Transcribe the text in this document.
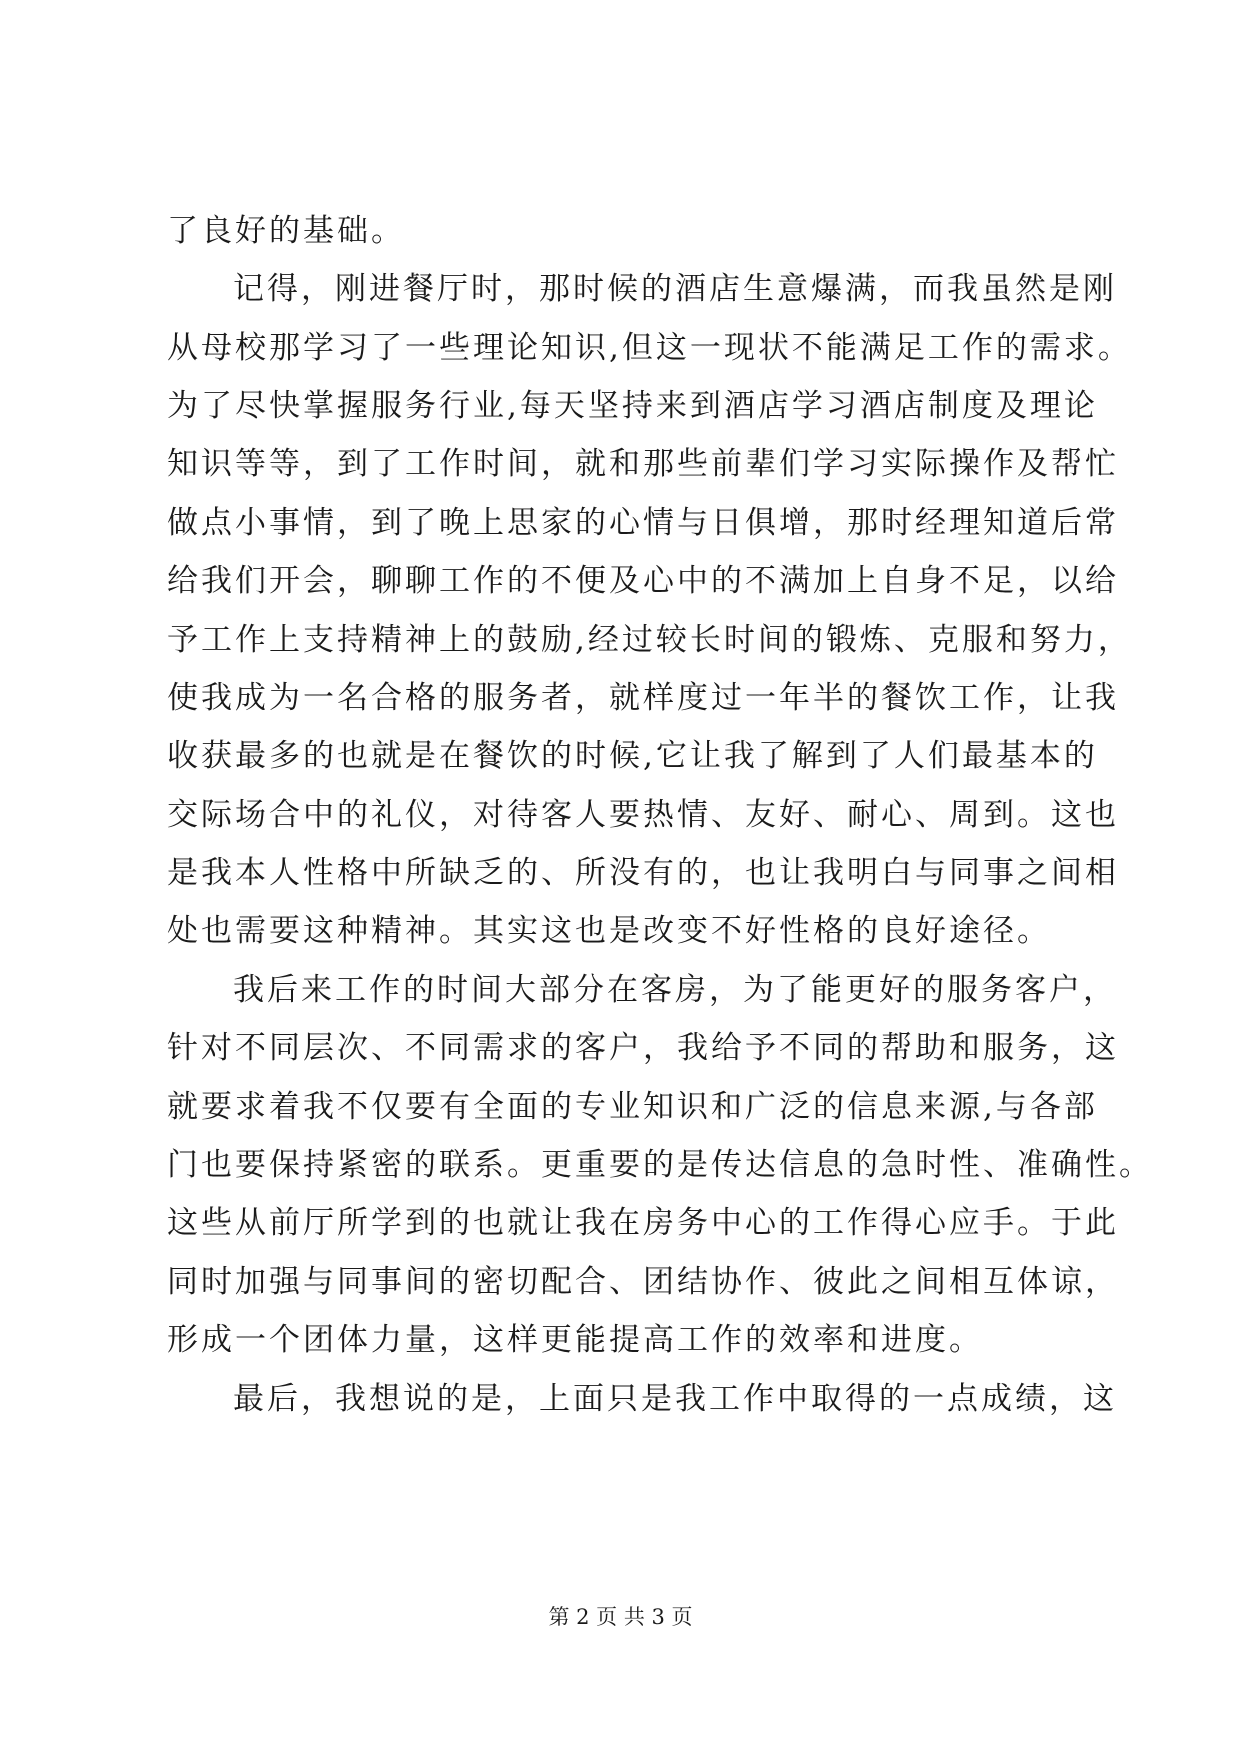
了良好的基础。
记得，刚进餐厅时，那时候的酒店生意爆满，而我虽然是刚
从母校那学习了一些理论知识,但这一现状不能满足工作的需求。
为了尽快掌握服务行业,每天坚持来到酒店学习酒店制度及理论
知识等等，到了工作时间，就和那些前辈们学习实际操作及帮忙
做点小事情，到了晚上思家的心情与日俱增，那时经理知道后常
给我们开会，聊聊工作的不便及心中的不满加上自身不足，以给
予工作上支持精神上的鼓励,经过较长时间的锻炼、克服和努力，
使我成为一名合格的服务者，就样度过一年半的餐饮工作，让我
收获最多的也就是在餐饮的时候,它让我了解到了人们最基本的
交际场合中的礼仪，对待客人要热情、友好、耐心、周到。这也
是我本人性格中所缺乏的、所没有的，也让我明白与同事之间相
处也需要这种精神。其实这也是改变不好性格的良好途径。
我后来工作的时间大部分在客房，为了能更好的服务客户，
针对不同层次、不同需求的客户，我给予不同的帮助和服务，这
就要求着我不仅要有全面的专业知识和广泛的信息来源,与各部
门也要保持紧密的联系。更重要的是传达信息的急时性、准确性。
这些从前厅所学到的也就让我在房务中心的工作得心应手。于此
同时加强与同事间的密切配合、团结协作、彼此之间相互体谅，
形成一个团体力量，这样更能提高工作的效率和进度。
最后，我想说的是，上面只是我工作中取得的一点成绩，这
第 2 页 共 3 页
